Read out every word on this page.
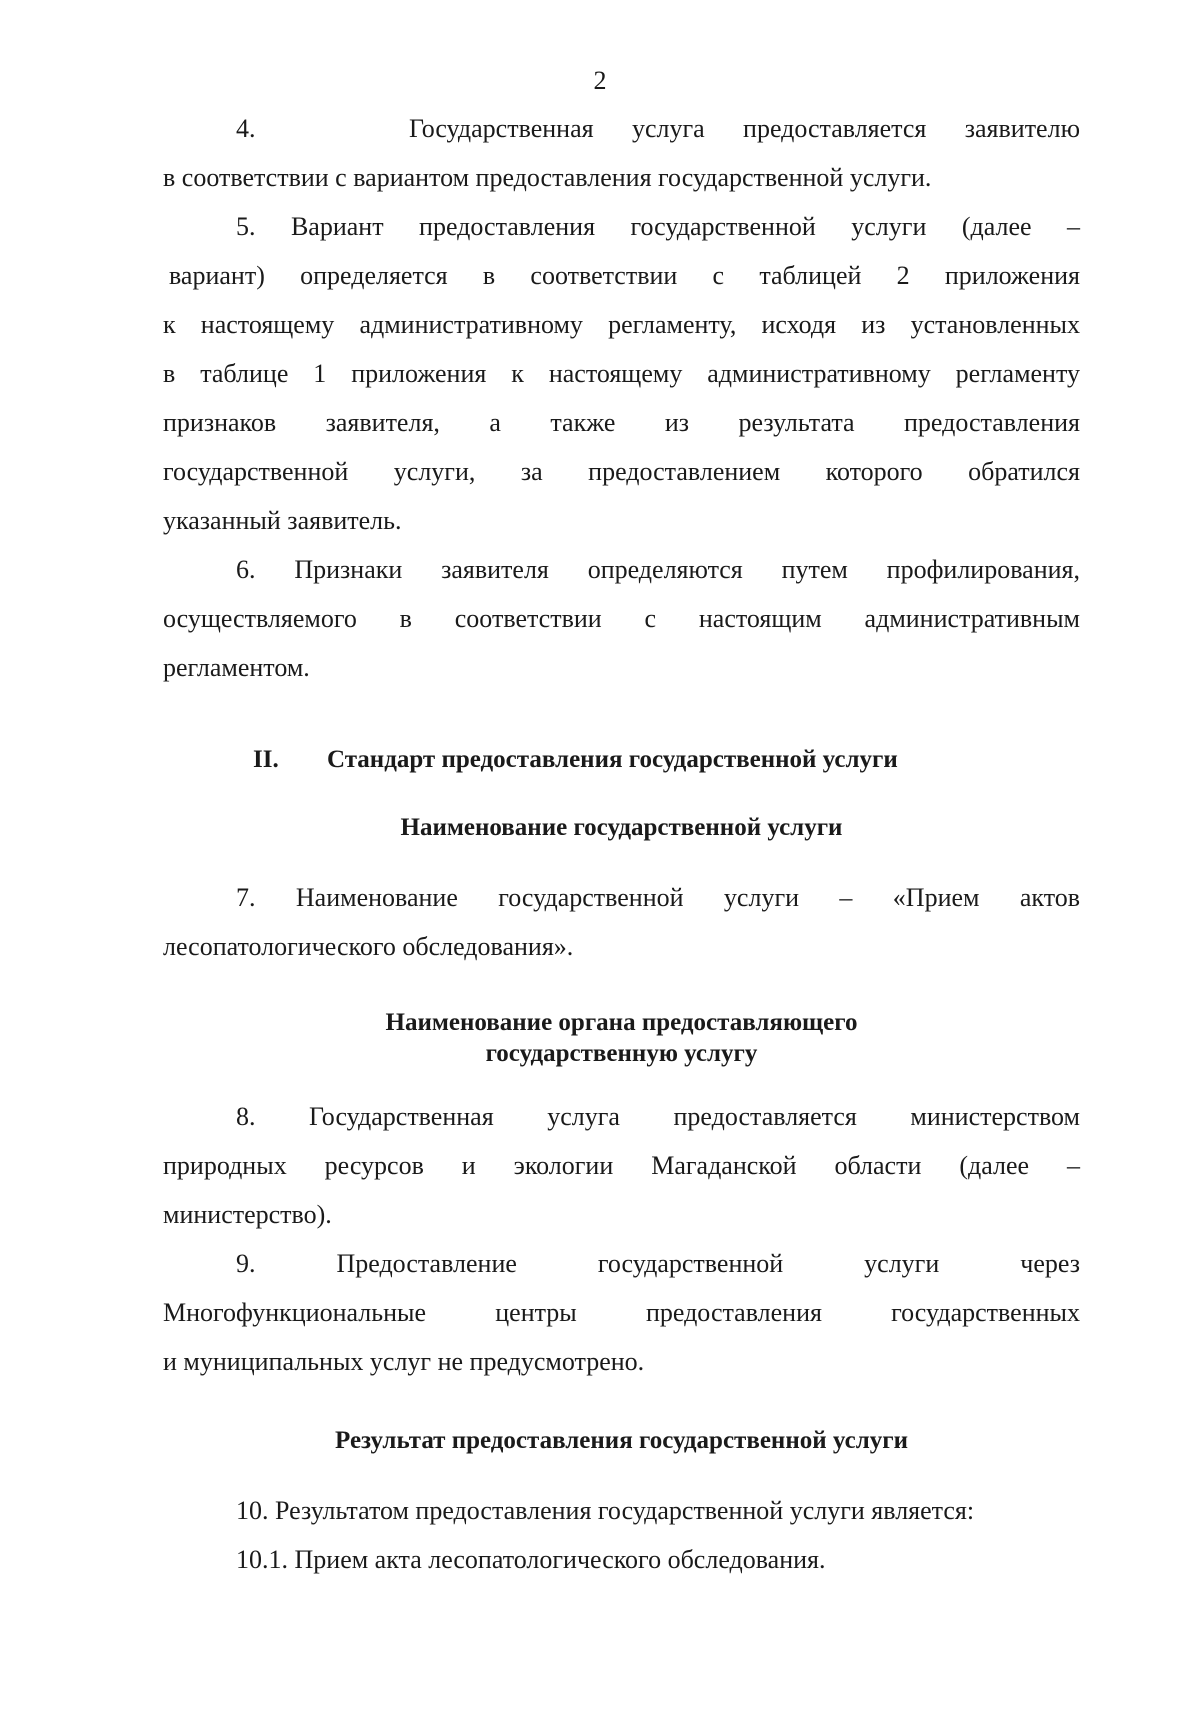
2
4.    Государственная услуга предоставляется заявителю
в соответствии с вариантом предоставления государственной услуги.
5. Вариант предоставления государственной услуги (далее –
вариант) определяется в соответствии с таблицей 2 приложения
к настоящему административному регламенту, исходя из установленных
в таблице 1 приложения к настоящему административному регламенту
признаков заявителя, а также из результата предоставления
государственной услуги, за предоставлением которого обратился
указанный заявитель.
6. Признаки заявителя определяются путем профилирования,
осуществляемого в соответствии с настоящим административным
регламентом.
II. Стандарт предоставления государственной услуги
Наименование государственной услуги
7. Наименование государственной услуги – «Прием актов
лесопатологического обследования».
Наименование органа предоставляющего
государственную услугу
8. Государственная услуга предоставляется министерством
природных ресурсов и экологии Магаданской области (далее –
министерство).
9. Предоставление государственной услуги через
Многофункциональные центры предоставления государственных
и муниципальных услуг не предусмотрено.
Результат предоставления государственной услуги
10. Результатом предоставления государственной услуги является:
10.1. Прием акта лесопатологического обследования.
